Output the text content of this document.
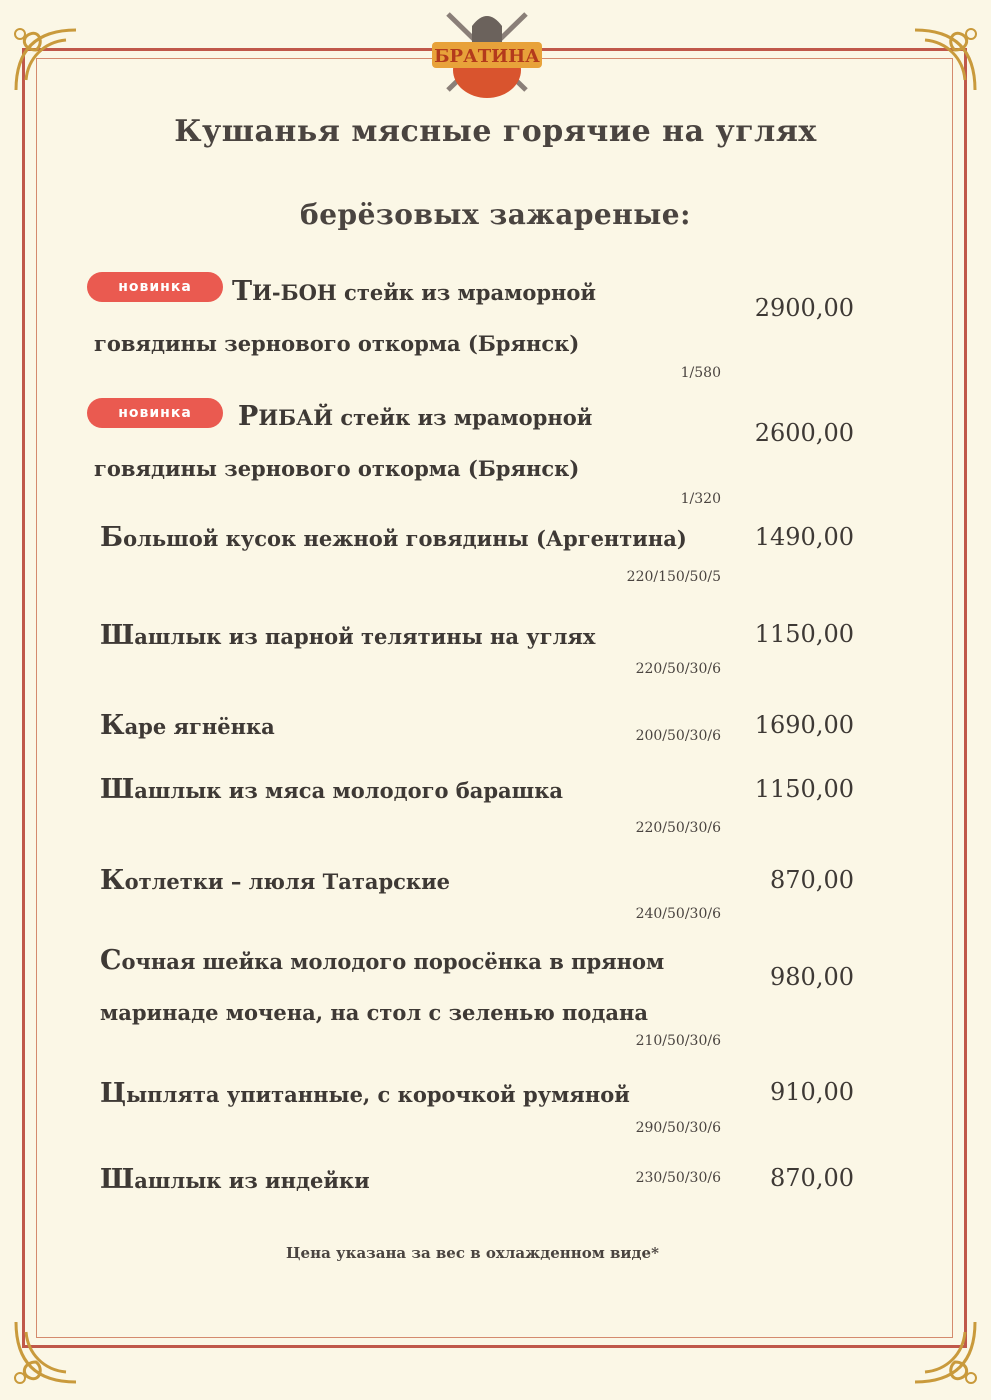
БРАТИНА
Кушанья мясные горячие на углях
берёзовых зажареные:
новинка	ТИ-БОН стейк из мраморной
говядины зернового откорма (Брянск)
1/580
2900,00
новинка	РИБАЙ стейк из мраморной
говядины зернового откорма (Брянск)
1/320
2600,00
Большой кусок нежной говядины (Аргентина)
220/150/50/5
1490,00
Шашлык из парной телятины на углях
220/50/30/6
1150,00
Каре ягнёнка	200/50/30/6	1690,00
Шашлык из мяса молодого барашка
220/50/30/6
1150,00
Котлетки – люля Татарские
240/50/30/6
870,00
Сочная шейка молодого поросёнка в пряном
маринаде мочена, на стол с зеленью подана
210/50/30/6
980,00
Цыплята упитанные, с корочкой румяной
290/50/30/6
910,00
Шашлык из индейки	230/50/30/6	870,00
Цена указана за вес в охлажденном виде*
